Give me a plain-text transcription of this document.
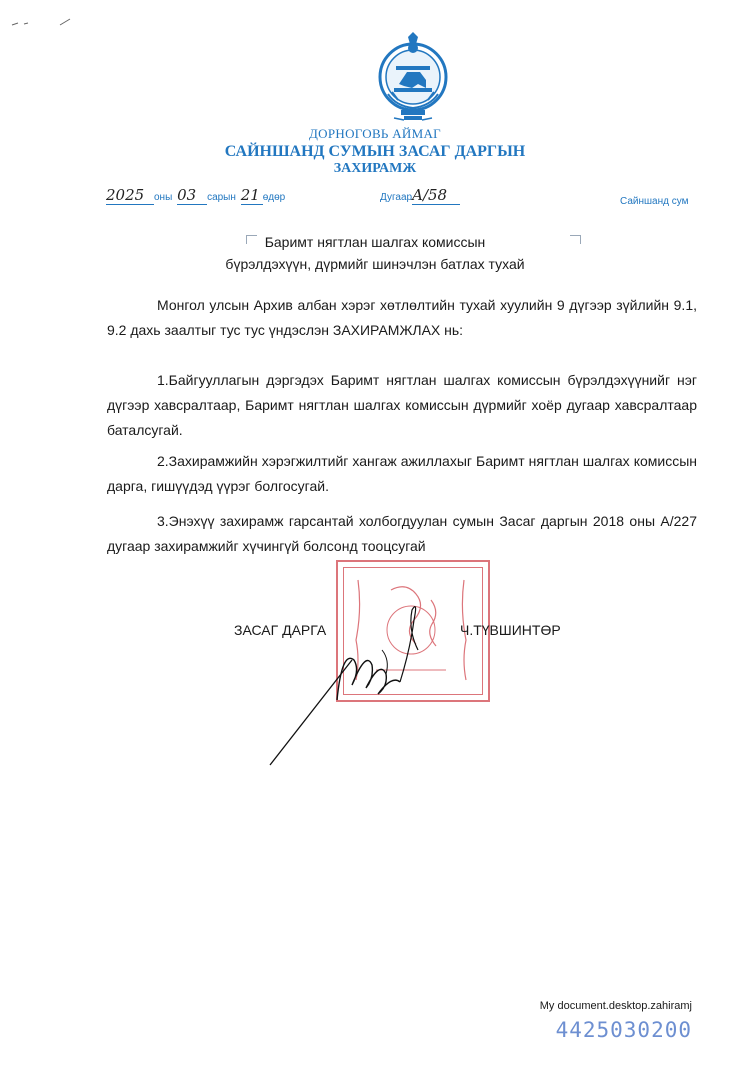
ДОРНОГОВЬ АЙМАГ
САЙНШАНД СУМЫН ЗАСАГ ДАРГЫН
ЗАХИРАМЖ
2025 оны 03 сарын 21 өдөр	ДугаарA/58	Сайншанд сум
Баримт нягтлан шалгах комиссын
бүрэлдэхүүн, дүрмийг шинэчлэн батлах тухай

Монгол улсын Архив албан хэрэг хөтлөлтийн тухай хуулийн 9 дүгээр зүйлийн 9.1, 9.2 дахь заалтыг тус тус үндэслэн ЗАХИРАМЖЛАХ нь:

1.Байгууллагын дэргэдэх Баримт нягтлан шалгах комиссын бүрэлдэхүүнийг нэг дүгээр хавсралтаар, Баримт нягтлан шалгах комиссын дүрмийг хоёр дугаар хавсралтаар баталсугай.

2.Захирамжийн хэрэгжилтийг хангаж ажиллахыг Баримт нягтлан шалгах комиссын дарга, гишүүдэд үүрэг болгосугай.

3.Энэхүү захирамж гарсантай холбогдуулан сумын Засаг даргын 2018 оны А/227 дугаар захирамжийг хүчингүй болсонд тооцсугай

ЗАСАГ ДАРГА	Ч.ТҮВШИНТӨР
My document.desktop.zahiramj
4425030200
